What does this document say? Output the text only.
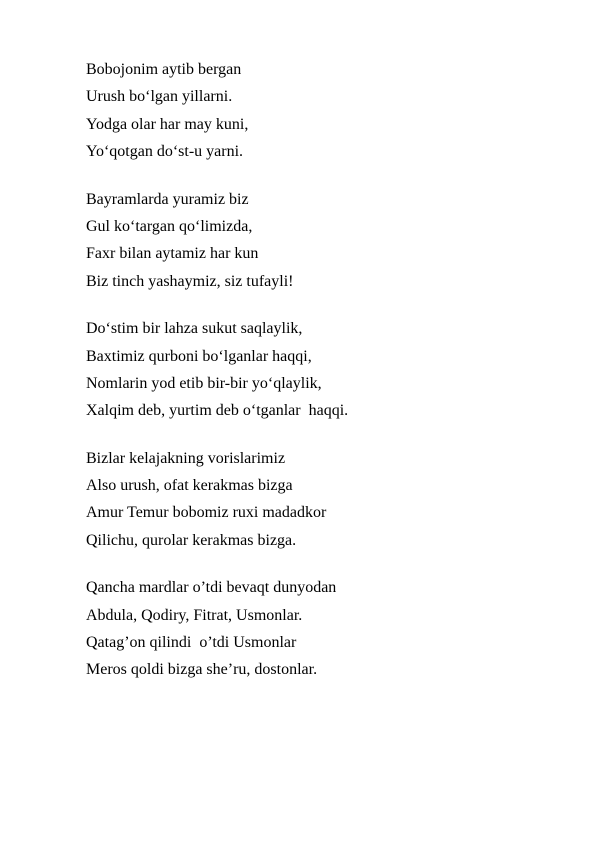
Bobojonim aytib bergan
Urush bo‘lgan yillarni.
Yodga olar har may kuni,
Yo‘qotgan do‘st-u yarni.
Bayramlarda yuramiz biz
Gul ko‘targan qo‘limizda,
Faxr bilan aytamiz har kun
Biz tinch yashaymiz, siz tufayli!
Do‘stim bir lahza sukut saqlaylik,
Baxtimiz qurboni bo‘lganlar haqqi,
Nomlarin yod etib bir-bir yo‘qlaylik,
Xalqim deb, yurtim deb o‘tganlar  haqqi.
Bizlar kelajakning vorislarimiz
Also urush, ofat kerakmas bizga
Amur Temur bobomiz ruxi madadkor
Qilichu, qurolar kerakmas bizga.
Qancha mardlar o’tdi bevaqt dunyodan
Abdula, Qodiry, Fitrat, Usmonlar.
Qatag’on qilindi  o’tdi Usmonlar
Meros qoldi bizga she’ru, dostonlar.
